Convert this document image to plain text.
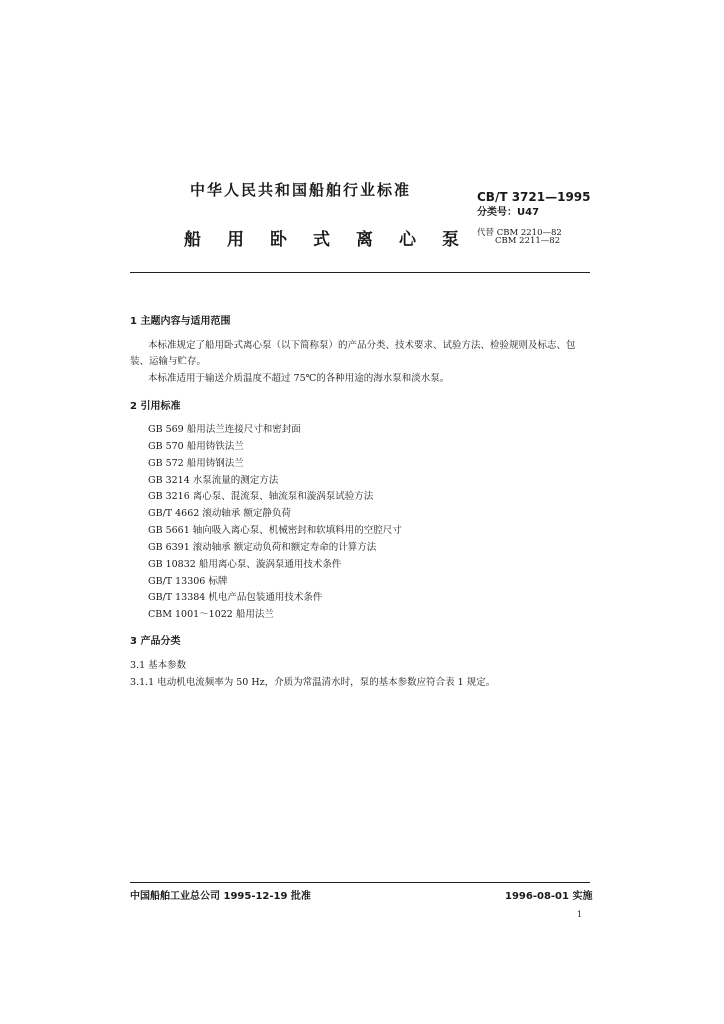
中华人民共和国船舶行业标准	CB/T 3721—1995
分类号：U47
船 用 卧 式 离 心 泵	代替 CBM 2210—82
CBM 2211—82
1 主题内容与适用范围
本标准规定了船用卧式离心泵（以下简称泵）的产品分类、技术要求、试验方法、检验规则及标志、包
装、运输与贮存。
本标准适用于输送介质温度不超过 75℃的各种用途的海水泵和淡水泵。
2 引用标准
GB 569 船用法兰连接尺寸和密封面
GB 570 船用铸铁法兰
GB 572 船用铸钢法兰
GB 3214 水泵流量的测定方法
GB 3216 离心泵、混流泵、轴流泵和漩涡泵试验方法
GB/T 4662 滚动轴承 额定静负荷
GB 5661 轴向吸入离心泵、机械密封和软填料用的空腔尺寸
GB 6391 滚动轴承 额定动负荷和额定寿命的计算方法
GB 10832 船用离心泵、漩涡泵通用技术条件
GB/T 13306 标牌
GB/T 13384 机电产品包装通用技术条件
CBM 1001～1022 船用法兰
3 产品分类
3.1 基本参数
3.1.1 电动机电流频率为 50 Hz，介质为常温清水时，泵的基本参数应符合表 1 规定。
中国船舶工业总公司 1995-12-19 批准	1996-08-01 实施
1
